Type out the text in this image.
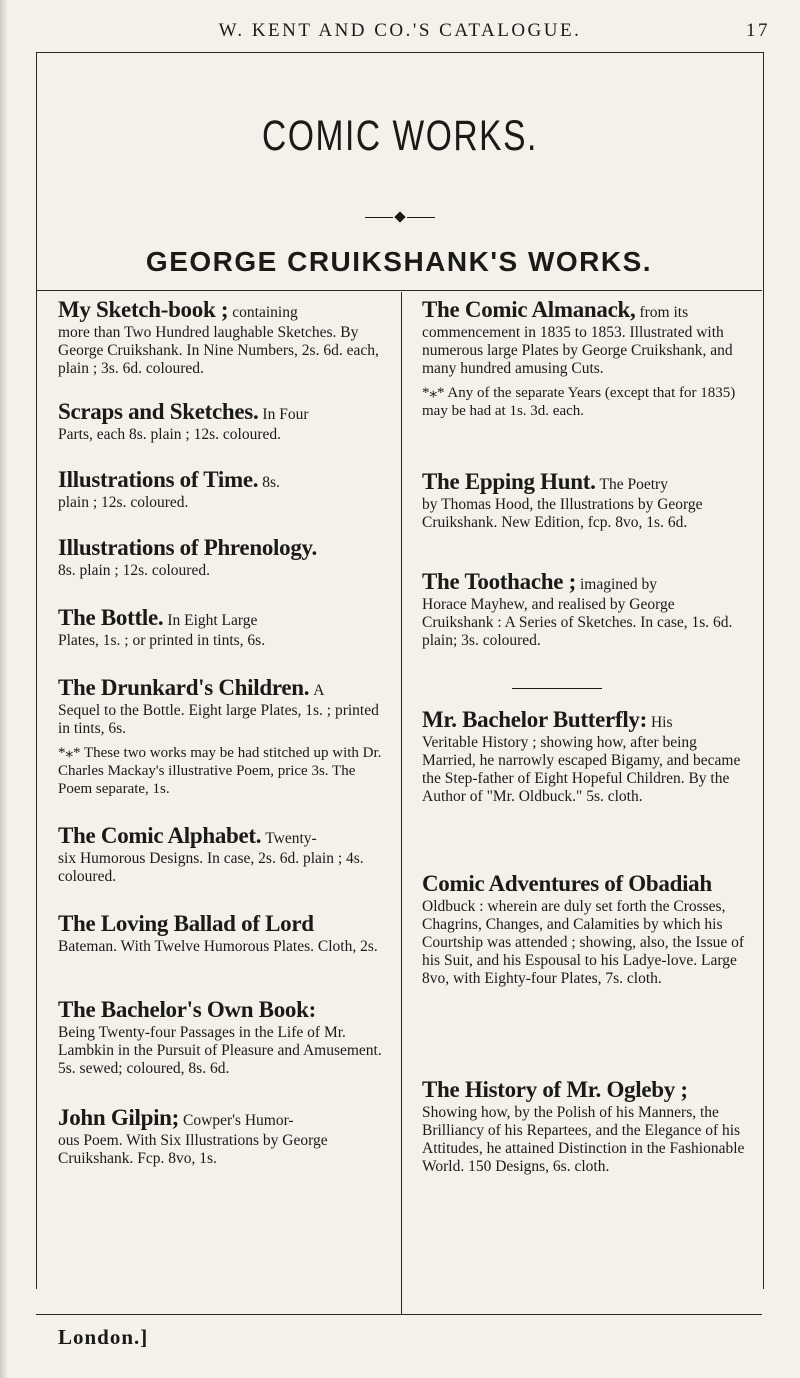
W. KENT AND CO.'S CATALOGUE.	17
COMIC WORKS.
GEORGE CRUIKSHANK'S WORKS.

My Sketch-book ; containing

more than Two Hundred laughable Sketches. By George Cruikshank. In Nine Numbers, 2s. 6d. each, plain ; 3s. 6d. coloured.

Scraps and Sketches. In Four

Parts, each 8s. plain ; 12s. coloured.

Illustrations of Time. 8s.

plain ; 12s. coloured.

Illustrations of Phrenology.

8s. plain ; 12s. coloured.

The Bottle. In Eight Large

Plates, 1s. ; or printed in tints, 6s.

The Drunkard's Children. A

Sequel to the Bottle. Eight large Plates, 1s. ; printed in tints, 6s.

*⁎* These two works may be had stitched up with Dr. Charles Mackay's illustrative Poem, price 3s. The Poem separate, 1s.

The Comic Alphabet. Twenty-

six Humorous Designs. In case, 2s. 6d. plain ; 4s. coloured.

The Loving Ballad of Lord

Bateman. With Twelve Humorous Plates. Cloth, 2s.

The Bachelor's Own Book:

Being Twenty-four Passages in the Life of Mr. Lambkin in the Pursuit of Pleasure and Amusement. 5s. sewed; coloured, 8s. 6d.

John Gilpin; Cowper's Humor-

ous Poem. With Six Illustrations by George Cruikshank. Fcp. 8vo, 1s.

The Comic Almanack, from its

commencement in 1835 to 1853. Illustrated with numerous large Plates by George Cruikshank, and many hundred amusing Cuts.

*⁎* Any of the separate Years (except that for 1835) may be had at 1s. 3d. each.

The Epping Hunt. The Poetry

by Thomas Hood, the Illustrations by George Cruikshank. New Edition, fcp. 8vo, 1s. 6d.

The Toothache ; imagined by

Horace Mayhew, and realised by George Cruikshank : A Series of Sketches. In case, 1s. 6d. plain; 3s. coloured.

Mr. Bachelor Butterfly: His

Veritable History ; showing how, after being Married, he narrowly escaped Bigamy, and became the Step-father of Eight Hopeful Children. By the Author of "Mr. Oldbuck." 5s. cloth.

Comic Adventures of Obadiah

Oldbuck : wherein are duly set forth the Crosses, Chagrins, Changes, and Calamities by which his Courtship was attended ; showing, also, the Issue of his Suit, and his Espousal to his Ladye-love. Large 8vo, with Eighty-four Plates, 7s. cloth.

The History of Mr. Ogleby ;

Showing how, by the Polish of his Manners, the Brilliancy of his Repartees, and the Elegance of his Attitudes, he attained Distinction in the Fashionable World. 150 Designs, 6s. cloth.

London.]
